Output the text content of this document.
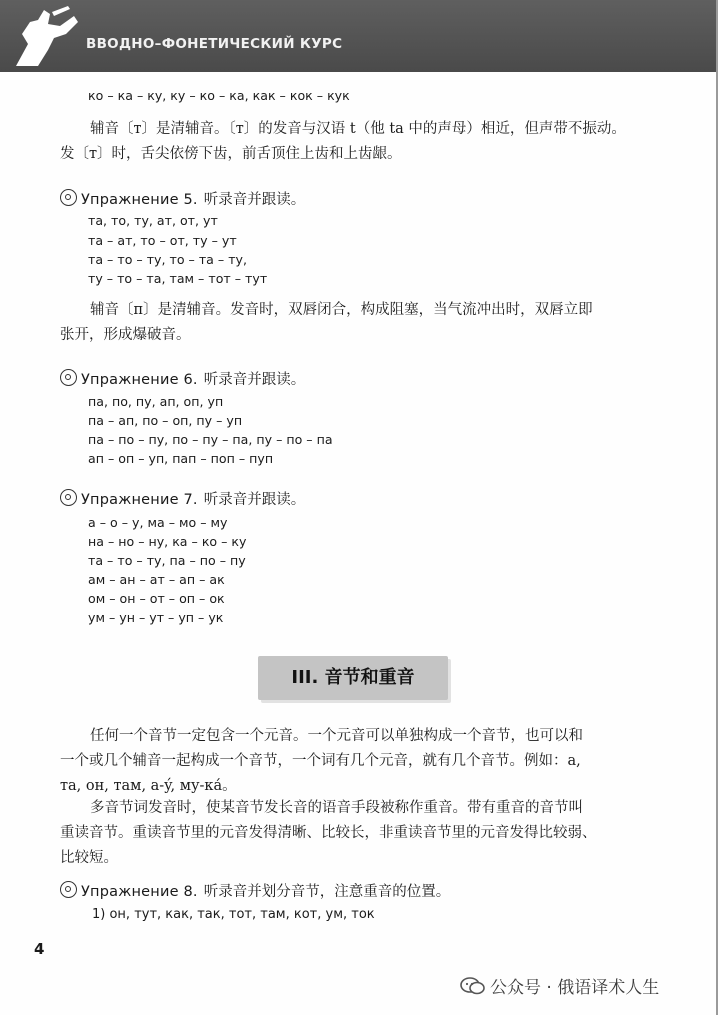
ВВОДНО–ФОНЕТИЧЕСКИЙ КУРС
ко – ка – ку, ку – ко – ка, как – кок – кук
辅音〔т〕是清辅音。〔т〕的发音与汉语 t（他 ta 中的声母）相近，但声带不振动。
发〔т〕时，舌尖依傍下齿，前舌顶住上齿和上齿龈。
Упражнение 5. 听录音并跟读。
та, то, ту, ат, от, ут
та – ат, то – от, ту – ут
та – то – ту, то – та – ту,
ту – то – та, там – тот – тут
辅音〔п〕是清辅音。发音时，双唇闭合，构成阻塞，当气流冲出时，双唇立即
张开，形成爆破音。
Упражнение 6. 听录音并跟读。
па, по, пу, ап, оп, уп
па – ап, по – оп, пу – уп
па – по – пу, по – пу – па, пу – по – па
ап – оп – уп, пап – поп – пуп
Упражнение 7. 听录音并跟读。
а – о – у, ма – мо – му
на – но – ну, ка – ко – ку
та – то – ту, па – по – пу
ам – ан – ат – ап – ак
ом – он – от – оп – ок
ум – ун – ут – уп – ук
III. 音节和重音
任何一个音节一定包含一个元音。一个元音可以单独构成一个音节，也可以和
一个或几个辅音一起构成一个音节，一个词有几个元音，就有几个音节。例如：а,
та, он, там, а-ý, му-ка́。
多音节词发音时，使某音节发长音的语音手段被称作重音。带有重音的音节叫
重读音节。重读音节里的元音发得清晰、比较长，非重读音节里的元音发得比较弱、
比较短。
Упражнение 8. 听录音并划分音节，注意重音的位置。
1) он, тут, как, так, тот, там, кот, ум, ток
4
公众号 · 俄语译术人生
